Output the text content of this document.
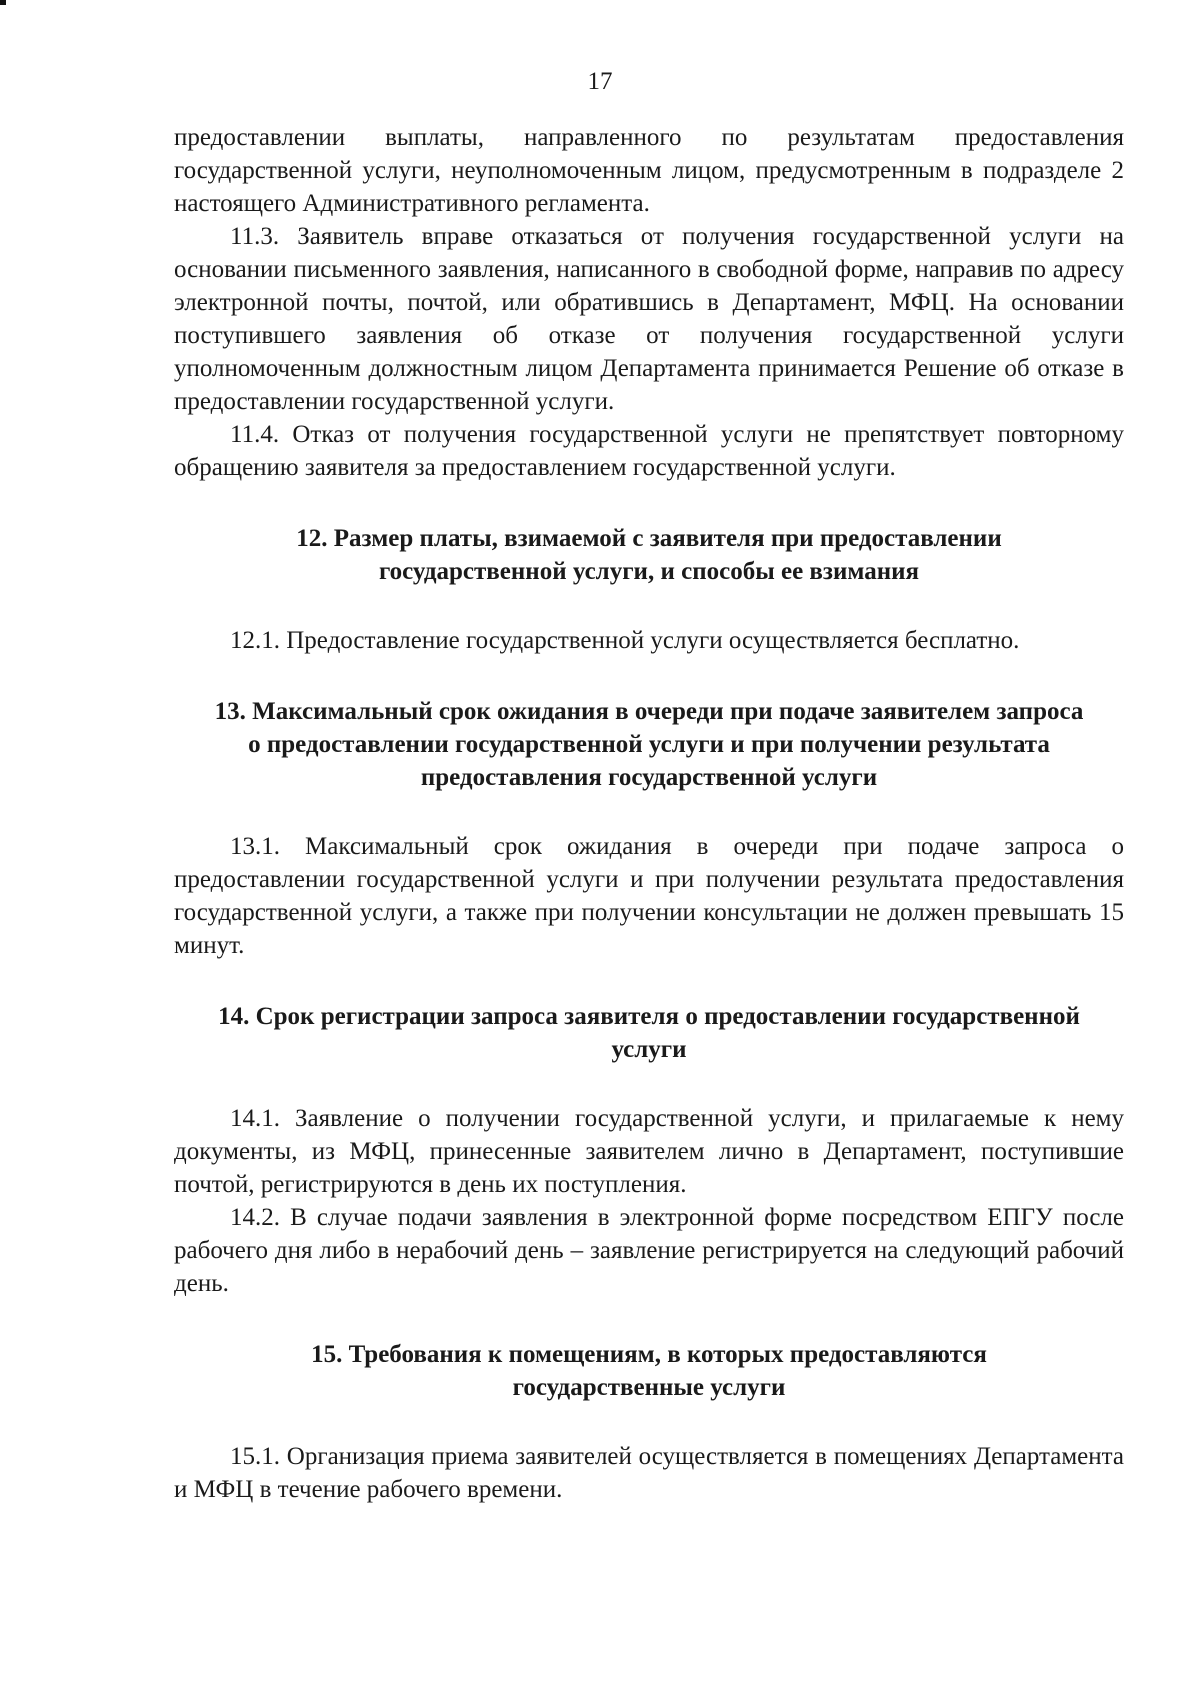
17

предоставлении выплаты, направленного по результатам предоставления государственной услуги, неуполномоченным лицом, предусмотренным в подразделе 2 настоящего Административного регламента.

11.3. Заявитель вправе отказаться от получения государственной услуги на основании письменного заявления, написанного в свободной форме, направив по адресу электронной почты, почтой, или обратившись в Департамент, МФЦ. На основании поступившего заявления об отказе от получения государственной услуги уполномоченным должностным лицом Департамента принимается Решение об отказе в предоставлении государственной услуги.

11.4. Отказ от получения государственной услуги не препятствует повторному обращению заявителя за предоставлением государственной услуги.

12. Размер платы, взимаемой с заявителя при предоставлении государственной услуги, и способы ее взимания

12.1. Предоставление государственной услуги осуществляется бесплатно.

13. Максимальный срок ожидания в очереди при подаче заявителем запроса о предоставлении государственной услуги и при получении результата предоставления государственной услуги

13.1. Максимальный срок ожидания в очереди при подаче запроса о предоставлении государственной услуги и при получении результата предоставления государственной услуги, а также при получении консультации не должен превышать 15 минут.

14. Срок регистрации запроса заявителя о предоставлении государственной услуги

14.1. Заявление о получении государственной услуги, и прилагаемые к нему документы, из МФЦ, принесенные заявителем лично в Департамент, поступившие почтой, регистрируются в день их поступления.

14.2. В случае подачи заявления в электронной форме посредством ЕПГУ после рабочего дня либо в нерабочий день – заявление регистрируется на следующий рабочий день.

15. Требования к помещениям, в которых предоставляются государственные услуги

15.1. Организация приема заявителей осуществляется в помещениях Департамента и МФЦ в течение рабочего времени.
